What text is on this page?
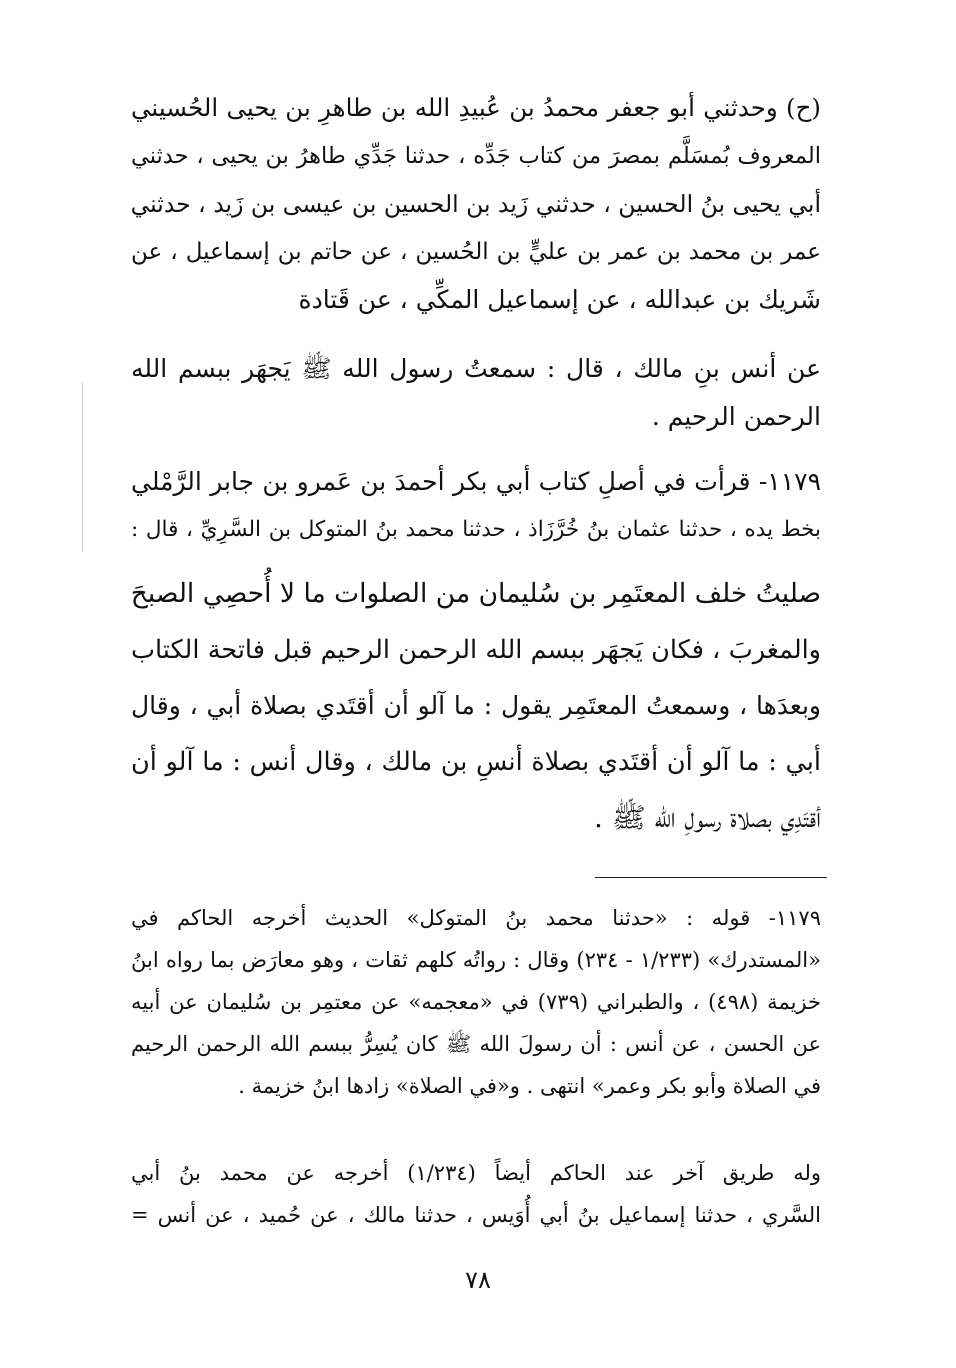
(ح) وحدثني أبو جعفر محمدُ بن عُبيدِ الله بن طاهرِ بن يحيى الحُسيني
المعروف بُمسَلَّم بمصرَ من كتاب جَدِّه ، حدثنا جَدِّي طاهرُ بن يحيى ، حدثني
أبي يحيى بنُ الحسين ، حدثني زَيد بن الحسين بن عيسى بن زَيد ، حدثني
عمر بن محمد بن عمر بن عليٍّ بن الحُسين ، عن حاتم بن إسماعيل ، عن
شَريك بن عبدالله ، عن إسماعيل المكِّي ، عن قَتادة
عن أنس بنِ مالك ، قال : سمعتُ رسول الله ﷺ يَجهَر ببسم الله
الرحمن الرحيم .
١١٧٩- قرأت في أصلِ كتاب أبي بكر أحمدَ بن عَمرو بن جابر الرَّمْلي
بخط يده ، حدثنا عثمان بنُ خُرَّزَاذ ، حدثنا محمد بنُ المتوكل بن السَّرِيِّ ، قال :
صليتُ خلف المعتَمِر بن سُليمان من الصلوات ما لا أُحصِي الصبحَ
والمغربَ ، فكان يَجهَر ببسم الله الرحمن الرحيم قبل فاتحة الكتاب
وبعدَها ، وسمعتُ المعتَمِر يقول : ما آلو أن أقتَدي بصلاة أبي ، وقال
أبي : ما آلو أن أقتَدي بصلاة أنسِ بن مالك ، وقال أنس : ما آلو أن
أقتَدِي بصلاة رسولِ الله ﷺ .
١١٧٩- قوله : «حدثنا محمد بنُ المتوكل» الحديث أخرجه الحاكم في
«المستدرك» (١/٢٣٣ - ٢٣٤) وقال : رواتُه كلهم ثقات ، وهو معارَض بما رواه ابنُ
خزيمة (٤٩٨) ، والطبراني (٧٣٩) في «معجمه» عن معتمِر بن سُليمان عن أبيه
عن الحسن ، عن أنس : أن رسولَ الله ﷺ كان يُسِرُّ ببسم الله الرحمن الرحيم
في الصلاة وأبو بكر وعمر» انتهى . و«في الصلاة» زادها ابنُ خزيمة .
وله طريق آخر عند الحاكم أيضاً (١/٢٣٤) أخرجه عن محمد بنُ أبي
السَّري ، حدثنا إسماعيل بنُ أبي أُوَيس ، حدثنا مالك ، عن حُميد ، عن أنس =
٧٨
